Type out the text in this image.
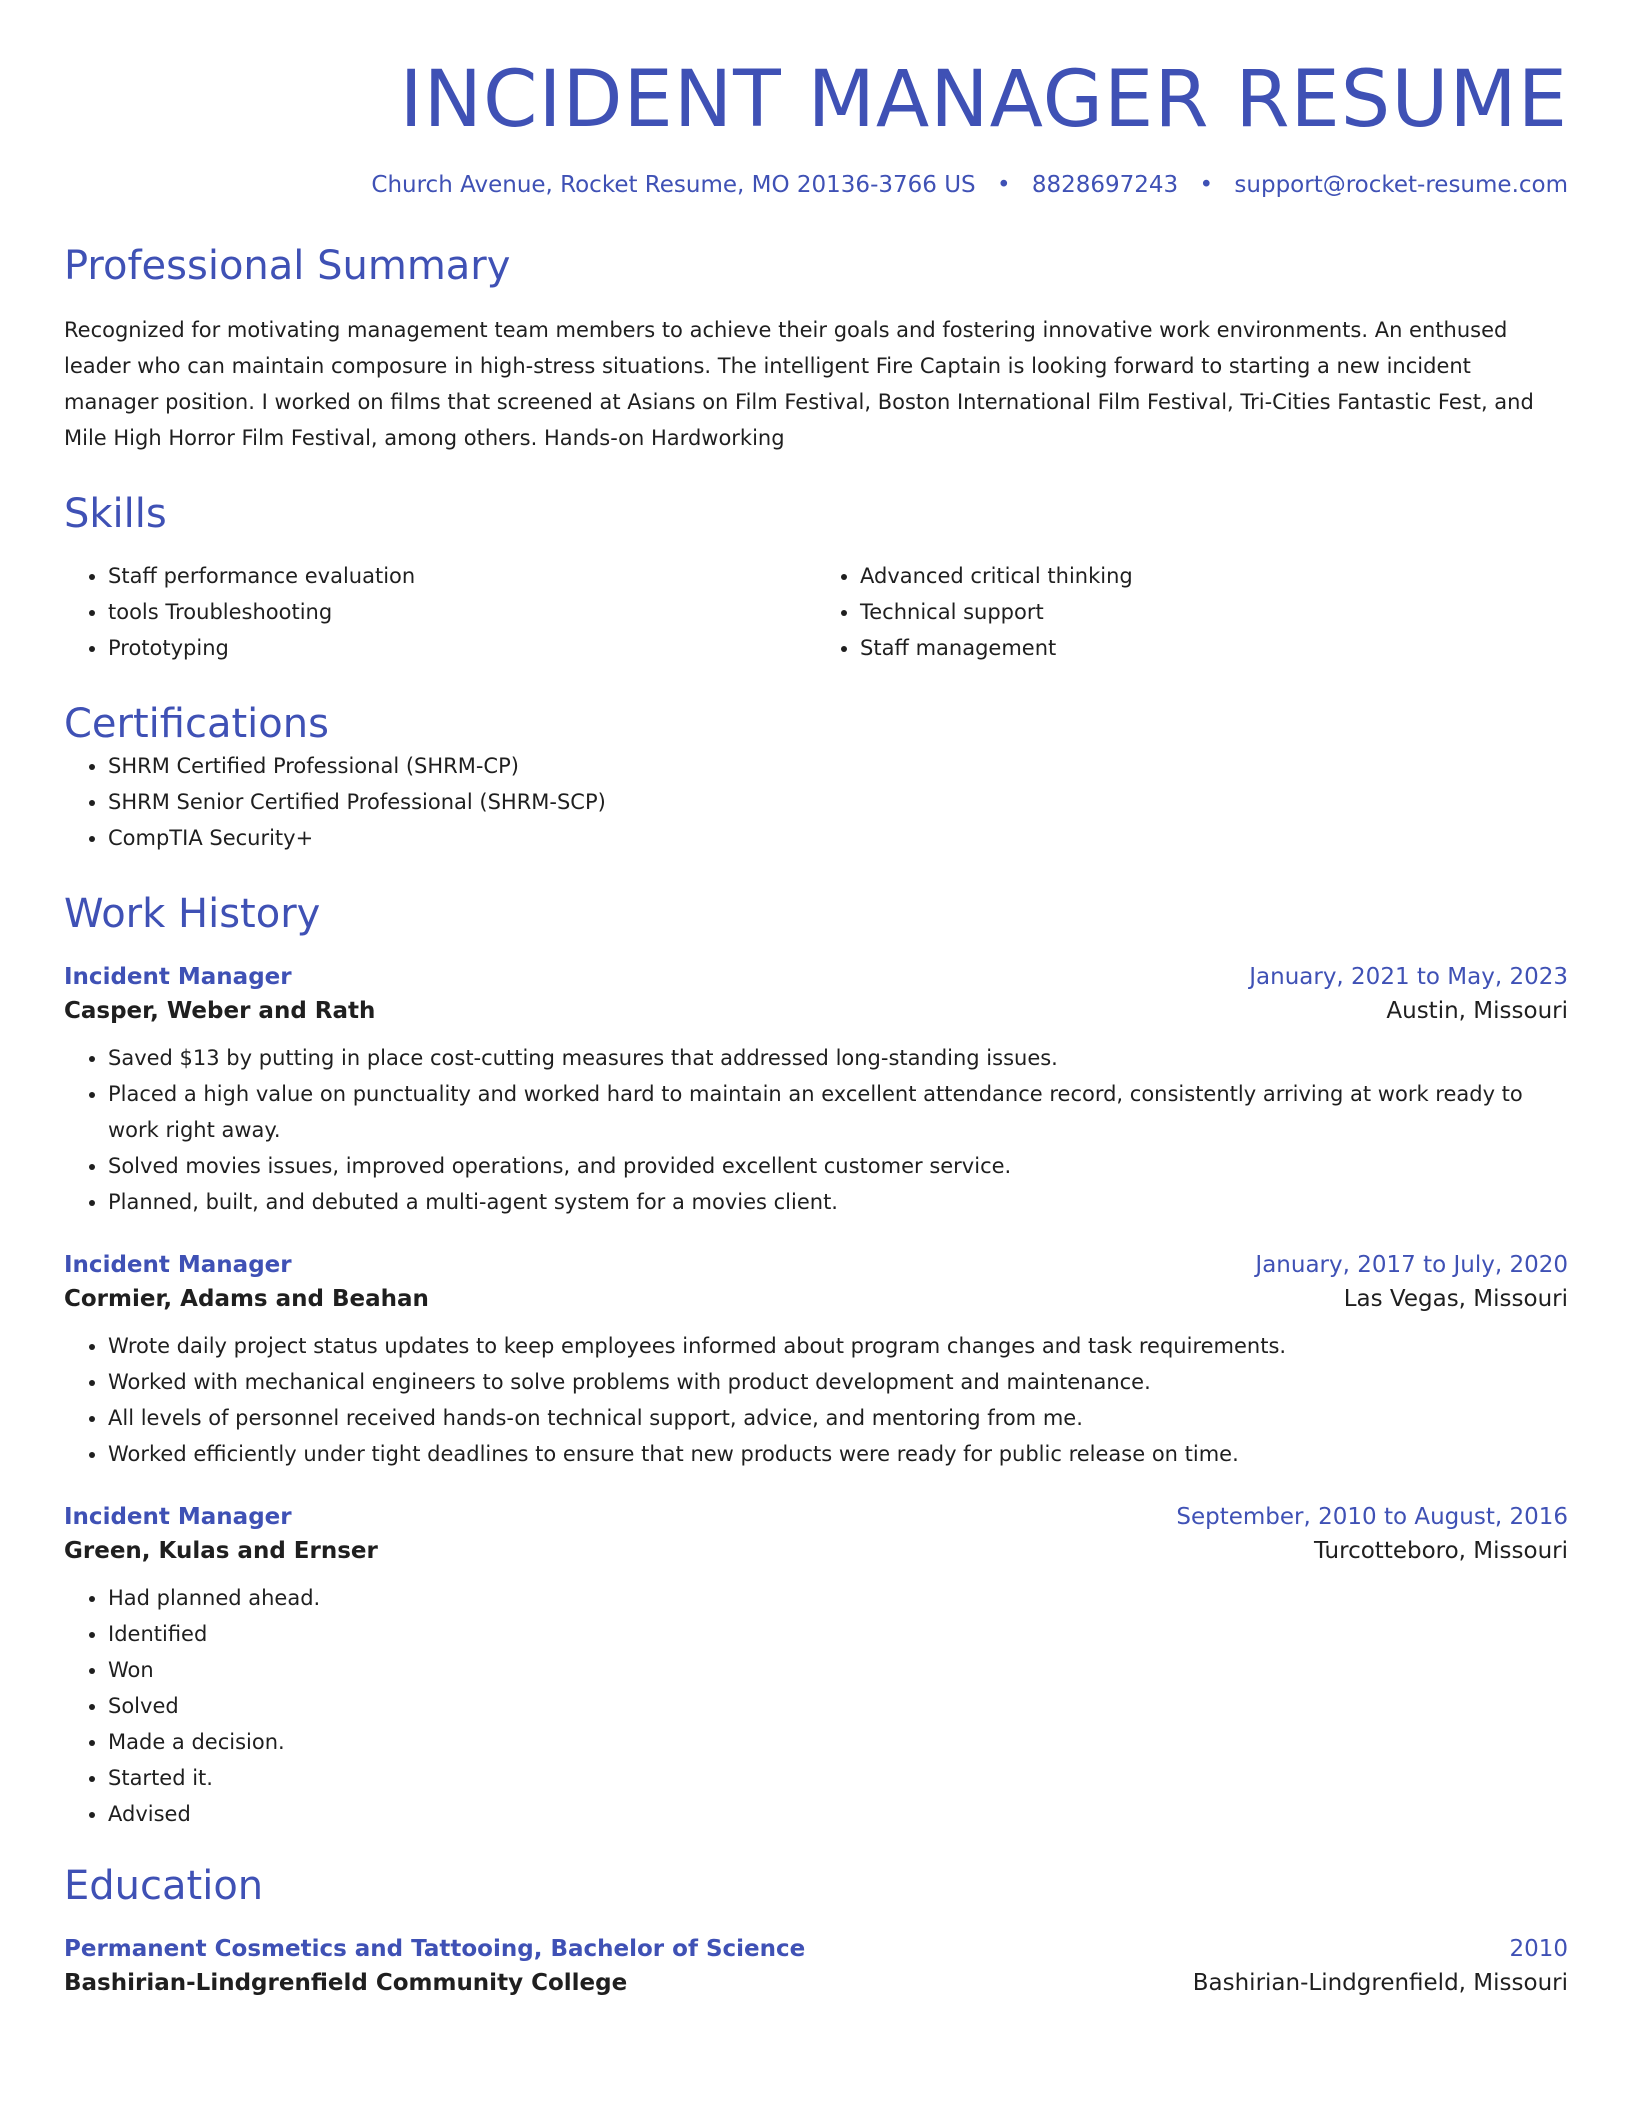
INCIDENT MANAGER RESUME
Church Avenue, Rocket Resume, MO 20136-3766 US • 8828697243 • support@rocket-resume.com
Professional Summary
Recognized for motivating management team members to achieve their goals and fostering innovative work environments. An enthused leader who can maintain composure in high-stress situations. The intelligent Fire Captain is looking forward to starting a new incident manager position. I worked on films that screened at Asians on Film Festival, Boston International Film Festival, Tri-Cities Fantastic Fest, and Mile High Horror Film Festival, among others. Hands-on Hardworking
Skills
• Staff performance evaluation
• tools Troubleshooting
• Prototyping
• Advanced critical thinking
• Technical support
• Staff management
Certifications
• SHRM Certified Professional (SHRM-CP)
• SHRM Senior Certified Professional (SHRM-SCP)
• CompTIA Security+
Work History
Incident Manager	January, 2021 to May, 2023
Casper, Weber and Rath	Austin, Missouri
• Saved $13 by putting in place cost-cutting measures that addressed long-standing issues.
• Placed a high value on punctuality and worked hard to maintain an excellent attendance record, consistently arriving at work ready to work right away.
• Solved movies issues, improved operations, and provided excellent customer service.
• Planned, built, and debuted a multi-agent system for a movies client.
Incident Manager	January, 2017 to July, 2020
Cormier, Adams and Beahan	Las Vegas, Missouri
• Wrote daily project status updates to keep employees informed about program changes and task requirements.
• Worked with mechanical engineers to solve problems with product development and maintenance.
• All levels of personnel received hands-on technical support, advice, and mentoring from me.
• Worked efficiently under tight deadlines to ensure that new products were ready for public release on time.
Incident Manager	September, 2010 to August, 2016
Green, Kulas and Ernser	Turcotteboro, Missouri
• Had planned ahead.
• Identified
• Won
• Solved
• Made a decision.
• Started it.
• Advised
Education
Permanent Cosmetics and Tattooing, Bachelor of Science	2010
Bashirian-Lindgrenfield Community College	Bashirian-Lindgrenfield, Missouri
